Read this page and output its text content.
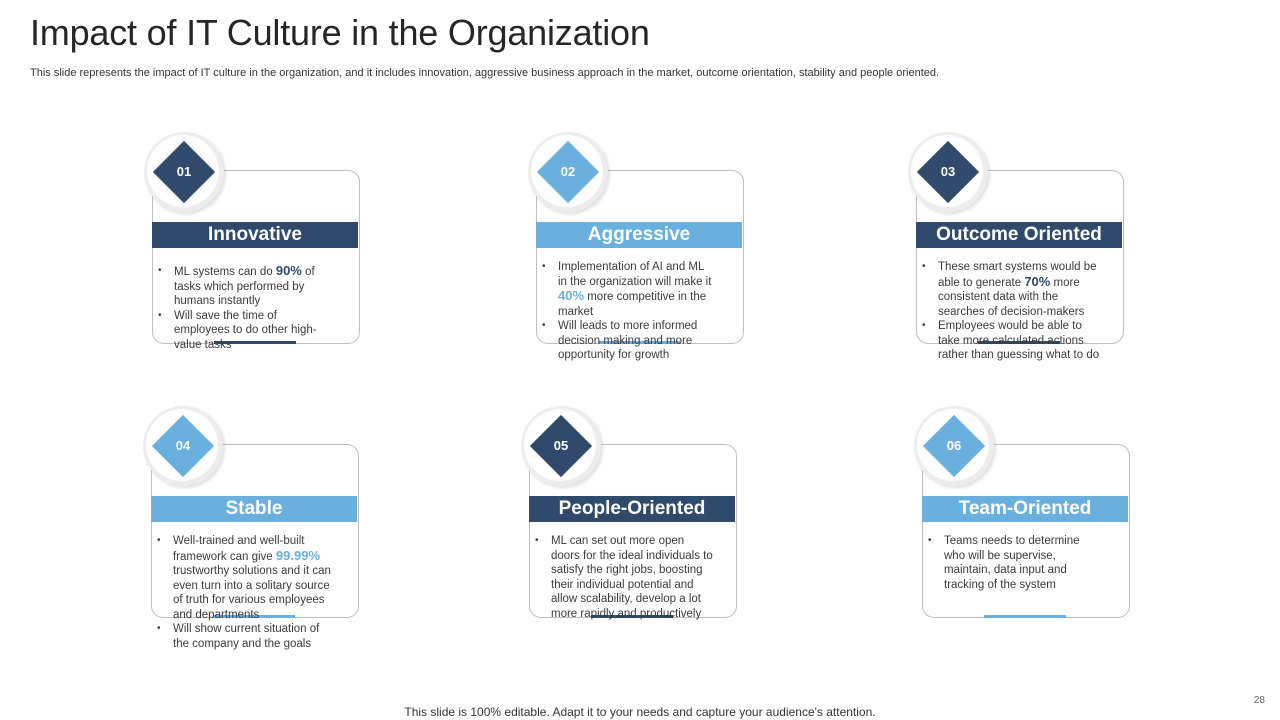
Impact of IT Culture in the Organization
This slide represents the impact of IT culture in the organization, and it includes innovation, aggressive business approach in the market, outcome orientation, stability and people oriented.
01
Innovative
• ML systems can do 90% of tasks which performed by humans instantly
• Will save the time of employees to do other high-value tasks
02
Aggressive
• Implementation of AI and ML in the organization will make it 40% more competitive in the market
• Will leads to more informed decision making and more opportunity for growth
03
Outcome Oriented
• These smart systems would be able to generate 70% more consistent data with the searches of decision-makers
• Employees would be able to take more calculated actions rather than guessing what to do
04
Stable
• Well-trained and well-built framework can give 99.99% trustworthy solutions and it can even turn into a solitary source of truth for various employees and departments
• Will show current situation of the company and the goals
05
People-Oriented
• ML can set out more open doors for the ideal individuals to satisfy the right jobs, boosting their individual potential and allow scalability, develop a lot more rapidly and productively
06
Team-Oriented
• Teams needs to determine who will be supervise, maintain, data input and tracking of the system
This slide is 100% editable. Adapt it to your needs and capture your audience's attention.
28
